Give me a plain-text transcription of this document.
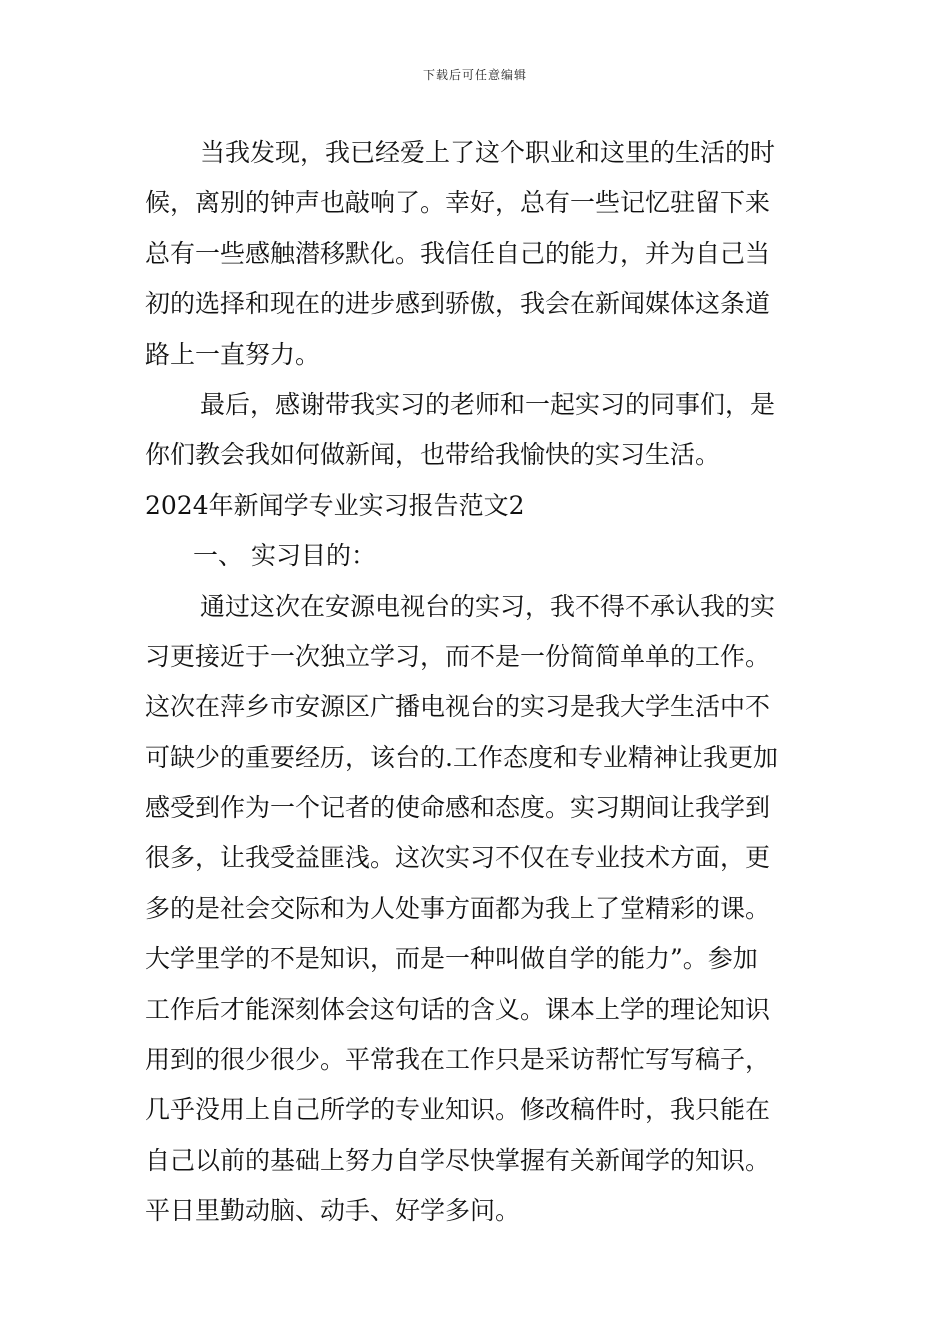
下载后可任意编辑
当我发现，我已经爱上了这个职业和这里的生活的时
候，离别的钟声也敲响了。幸好，总有一些记忆驻留下来
总有一些感触潜移默化。我信任自己的能力，并为自己当
初的选择和现在的进步感到骄傲，我会在新闻媒体这条道
路上一直努力。
最后，感谢带我实习的老师和一起实习的同事们，是
你们教会我如何做新闻，也带给我愉快的实习生活。
2024年新闻学专业实习报告范文2
一、 实习目的：
通过这次在安源电视台的实习，我不得不承认我的实
习更接近于一次独立学习，而不是一份简简单单的工作。
这次在萍乡市安源区广播电视台的实习是我大学生活中不
可缺少的重要经历，该台的.工作态度和专业精神让我更加
感受到作为一个记者的使命感和态度。实习期间让我学到
很多，让我受益匪浅。这次实习不仅在专业技术方面，更
多的是社会交际和为人处事方面都为我上了堂精彩的课。
大学里学的不是知识，而是一种叫做自学的能力”。参加
工作后才能深刻体会这句话的含义。课本上学的理论知识
用到的很少很少。平常我在工作只是采访帮忙写写稿子，
几乎没用上自己所学的专业知识。修改稿件时，我只能在
自己以前的基础上努力自学尽快掌握有关新闻学的知识。
平日里勤动脑、动手、好学多问。
